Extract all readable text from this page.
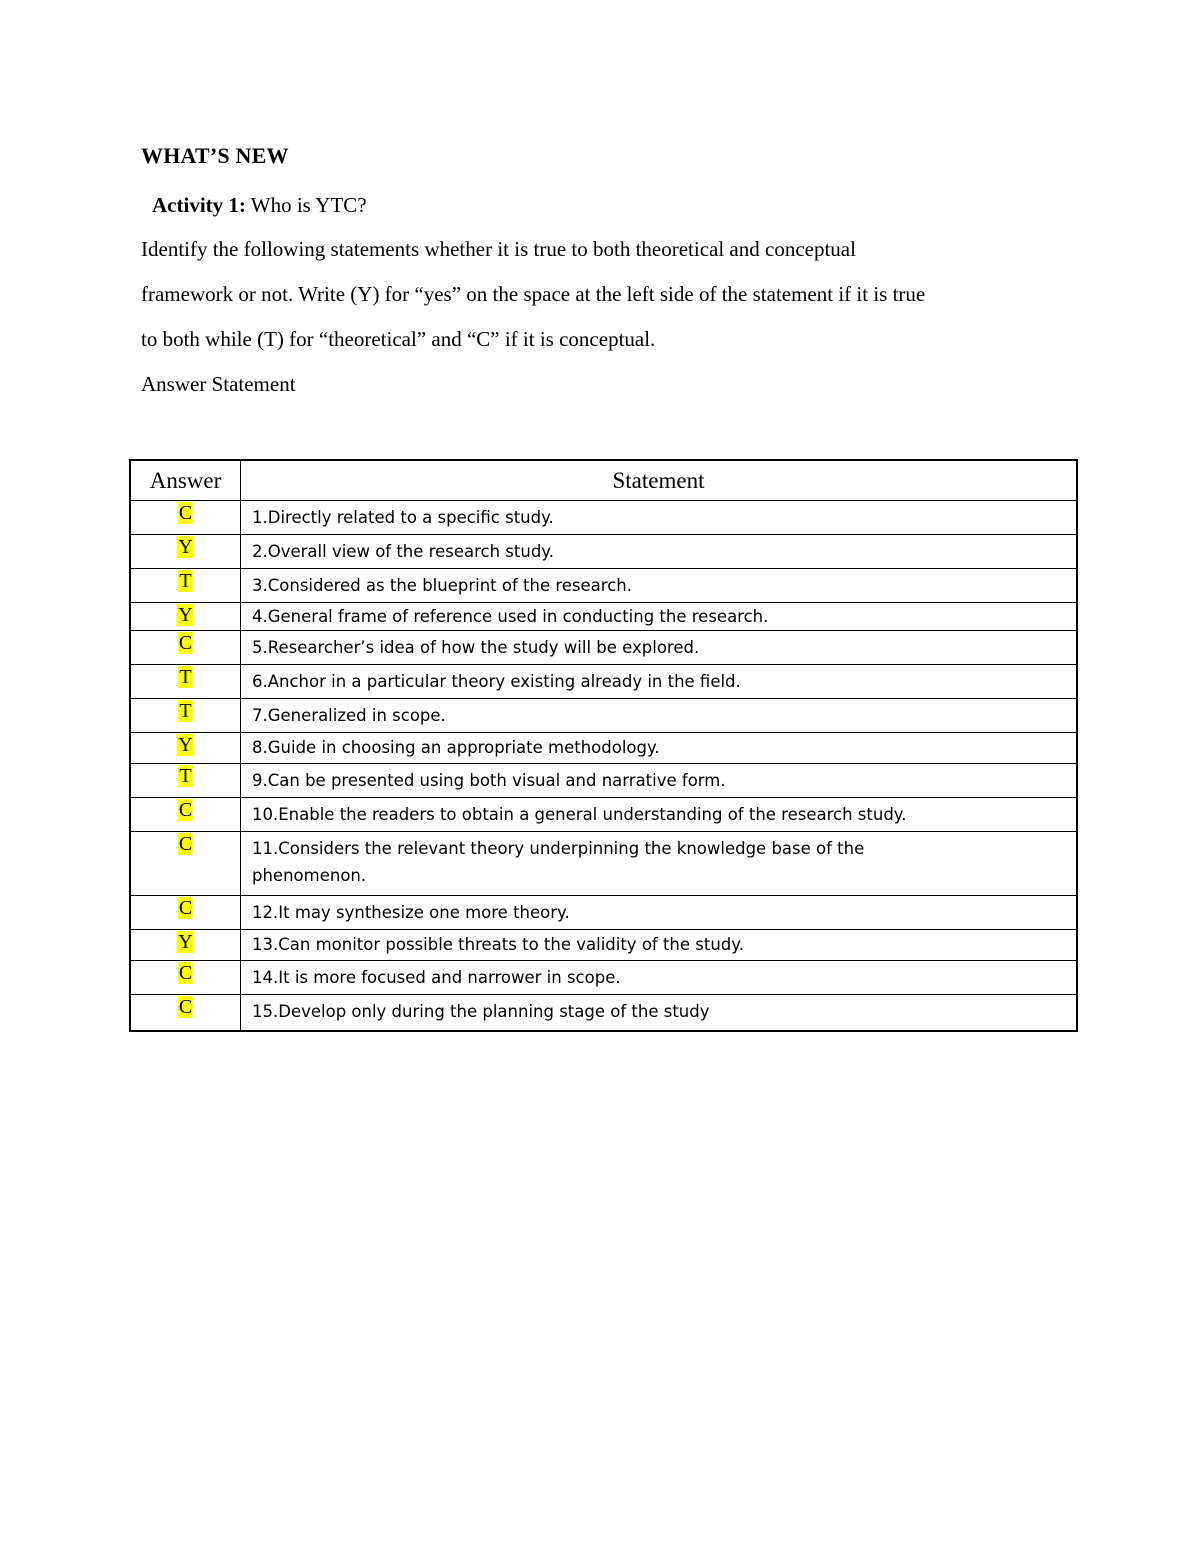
WHAT’S NEW
Activity 1: Who is YTC?
Identify the following statements whether it is true to both theoretical and conceptual
framework or not. Write (Y) for “yes” on the space at the left side of the statement if it is true
to both while (T) for “theoretical” and “C” if it is conceptual.
Answer Statement
Answer	Statement
C	1.Directly related to a specific study.
Y	2.Overall view of the research study.
T	3.Considered as the blueprint of the research.
Y	4.General frame of reference used in conducting the research.
C	5.Researcher’s idea of how the study will be explored.
T	6.Anchor in a particular theory existing already in the field.
T	7.Generalized in scope.
Y	8.Guide in choosing an appropriate methodology.
T	9.Can be presented using both visual and narrative form.
C	10.Enable the readers to obtain a general understanding of the research study.
C	11.Considers the relevant theory underpinning the knowledge base of the phenomenon.
C	12.It may synthesize one more theory.
Y	13.Can monitor possible threats to the validity of the study.
C	14.It is more focused and narrower in scope.
C	15.Develop only during the planning stage of the study
